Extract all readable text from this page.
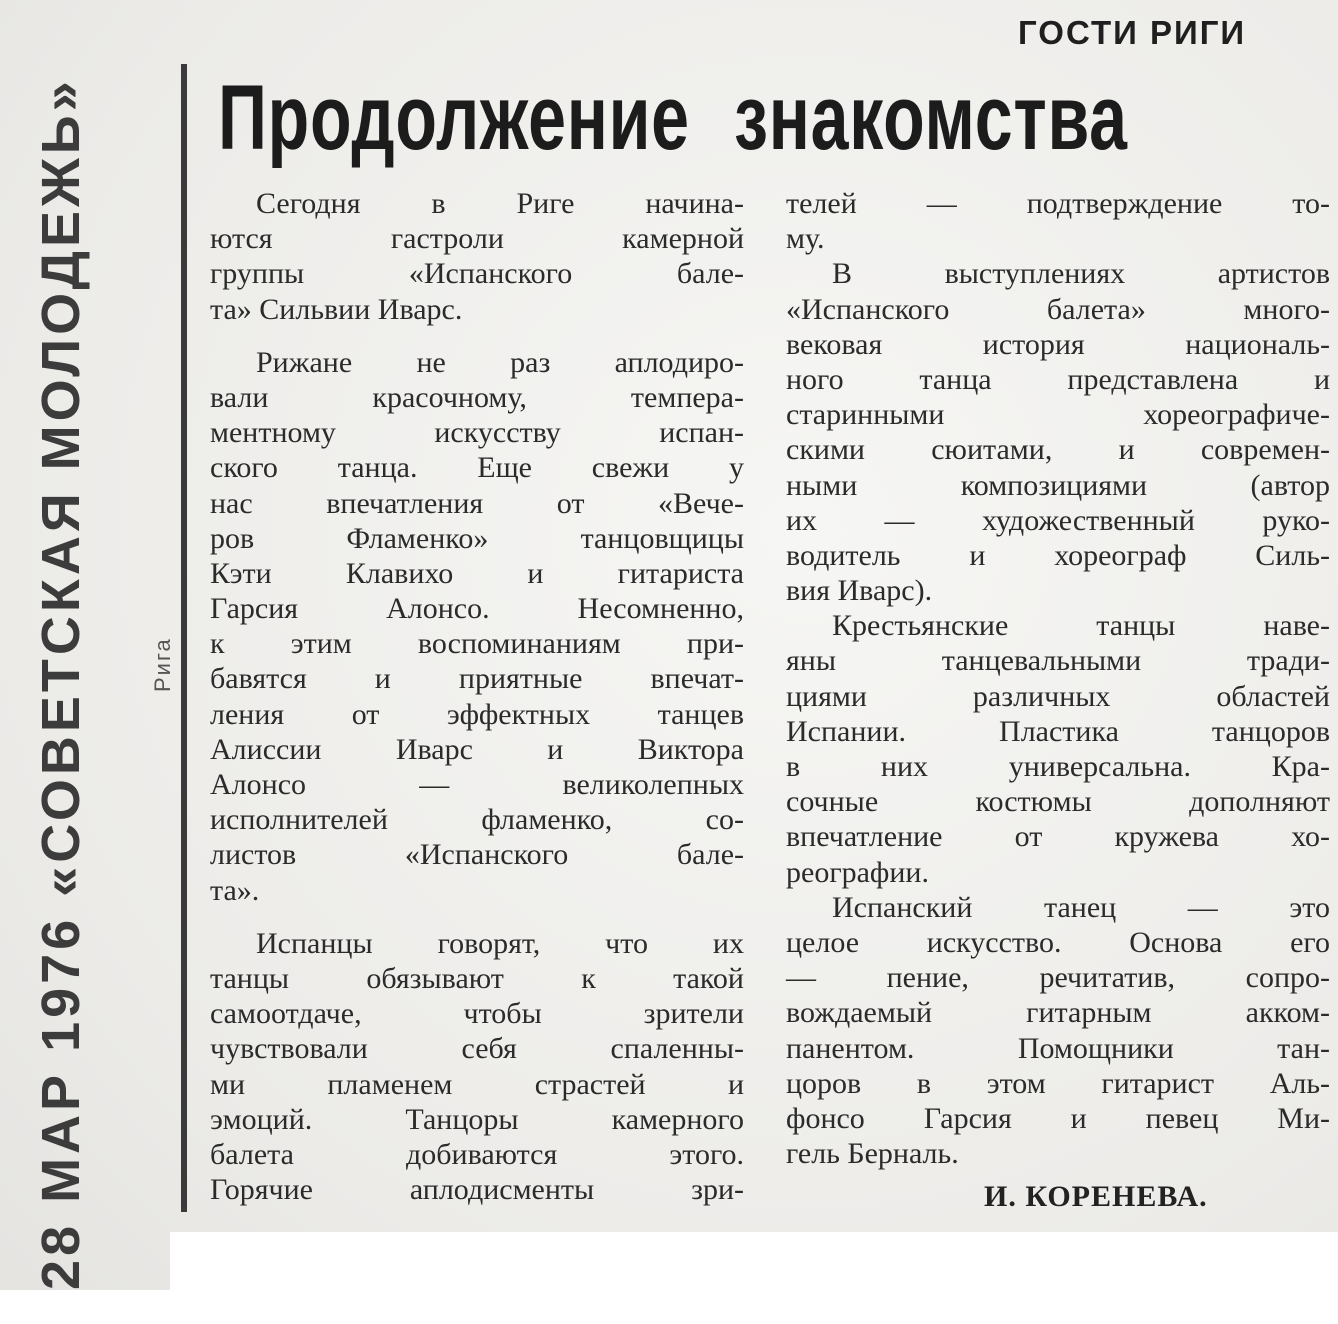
ГОСТИ РИГИ
Продолжение знакомства
Сегодня в Риге начина-
ются гастроли камерной
группы «Испанского бале-
та» Сильвии Иварс.
Рижане не раз аплодиро-
вали красочному, темпера-
ментному искусству испан-
ского танца. Еще свежи у
нас впечатления от «Вече-
ров Фламенко» танцовщицы
Кэти Клавихо и гитариста
Гарсия Алонсо. Несомненно,
к этим воспоминаниям при-
бавятся и приятные впечат-
ления от эффектных танцев
Алиссии Иварс и Виктора
Алонсо — великолепных
исполнителей фламенко, со-
листов «Испанского бале-
та».
Испанцы говорят, что их
танцы обязывают к такой
самоотдаче, чтобы зрители
чувствовали себя спаленны-
ми пламенем страстей и
эмоций. Танцоры камерного
балета добиваются этого.
Горячие аплодисменты зри-
телей — подтверждение то-
му.
В выступлениях артистов
«Испанского балета» много-
вековая история националь-
ного танца представлена и
старинными хореографиче-
скими сюитами, и современ-
ными композициями (автор
их — художественный руко-
водитель и хореограф Силь-
вия Иварс).
Крестьянские танцы наве-
яны танцевальными тради-
циями различных областей
Испании. Пластика танцоров
в них универсальна. Кра-
сочные костюмы дополняют
впечатление от кружева хо-
реографии.
Испанский танец — это
целое искусство. Основа его
— пение, речитатив, сопро-
вождаемый гитарным акком-
панентом. Помощники тан-
цоров в этом гитарист Аль-
фонсо Гарсия и певец Ми-
гель Берналь.
И. КОРЕНЕВА.
28 МАР 1976 «СОВЕТСКАЯ МОЛОДЕЖЬ»	Рига
